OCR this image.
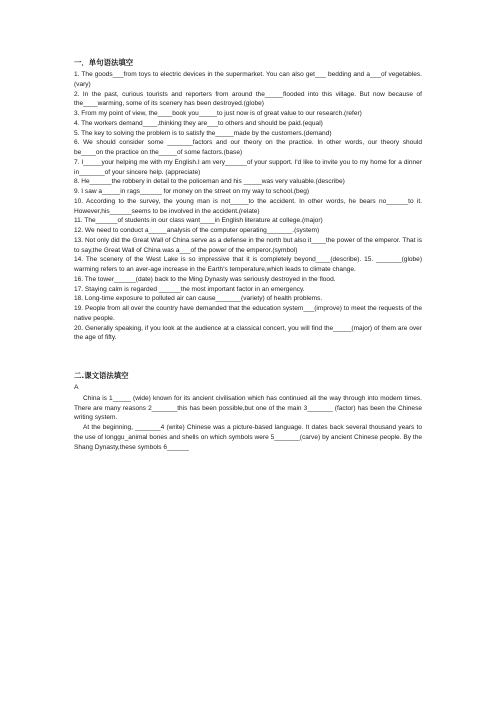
一．单句语法填空

1. The goods___from toys to electric devices in the supermarket. You can also get___ bedding and a___of vegetables.(vary)

2. In the past, curious tourists and reporters from around the_____flooded into this village. But now because of the____warming, some of its scenery has been destroyed.(globe)

3. From my point of view, the____book you_____to just now is of great value to our research.(refer)

4. The workers demand____,thinking they are___to others and should be paid.(equal)

5. The key to solving the problem is to satisfy the_____made by the customers.(demand)

6. We should consider some _______factors and our theory on the practice. In other words, our theory should be____on the practice on the_____of some factors.(base)

7. I_____your helping me with my English.I am very______of your support. I'd like to invite you to my home for a dinner in_______of your sincere help. (appreciate)

8. He______the robbery in detail to the policeman and his _____was very valuable.(describe)

9. I saw a_____in rags______ for money on the street on my way to school.(beg)

10. According to the survey, the young man is not_____to the accident. In other words, he bears no______to it. However,his______seems to be involved in the accident.(relate)

11. The______of students in our class want____in English literature at college.(major)

12. We need to conduct a_____analysis of the computer operating_______.(system)

13. Not only did the Great Wall of China serve as a defense in the north but also it____the power of the emperor. That is to say,the Great Wall of China was a___of the power of the emperor.(symbol)

14. The scenery of the West Lake is so impressive that it is completely beyond____(describe). 15. _______(globe) warming refers to an aver-age increase in the Earth's temperature,which leads to climate change.

16. The tower______(date) back to the Ming Dynasty was seriously destroyed in the flood.

17. Staying calm is regarded ______the most important factor in an emergency.

18. Long-time exposure to polluted air can cause_______(variety) of health problems.

19. People from all over the country have demanded that the education system___(improve) to meet the requests of the native people.

20. Generally speaking, if you look at the audience at a classical concert, you will find the_____(major) of them are over the age of fifty.

二.课文语法填空
A

China is 1_____ (wide) known for its ancient civilisation which has continued all the way through into modern times. There are many reasons 2_______this has been possible,but one of the main 3_______ (factor) has been the Chinese writing system.

At the beginning, _______4 (write) Chinese was a picture-based language. It dates back several thousand years to the use of longgu_animal bones and shells on which symbols were 5_______(carve) by ancient Chinese people. By the Shang Dynasty,these symbols 6______
